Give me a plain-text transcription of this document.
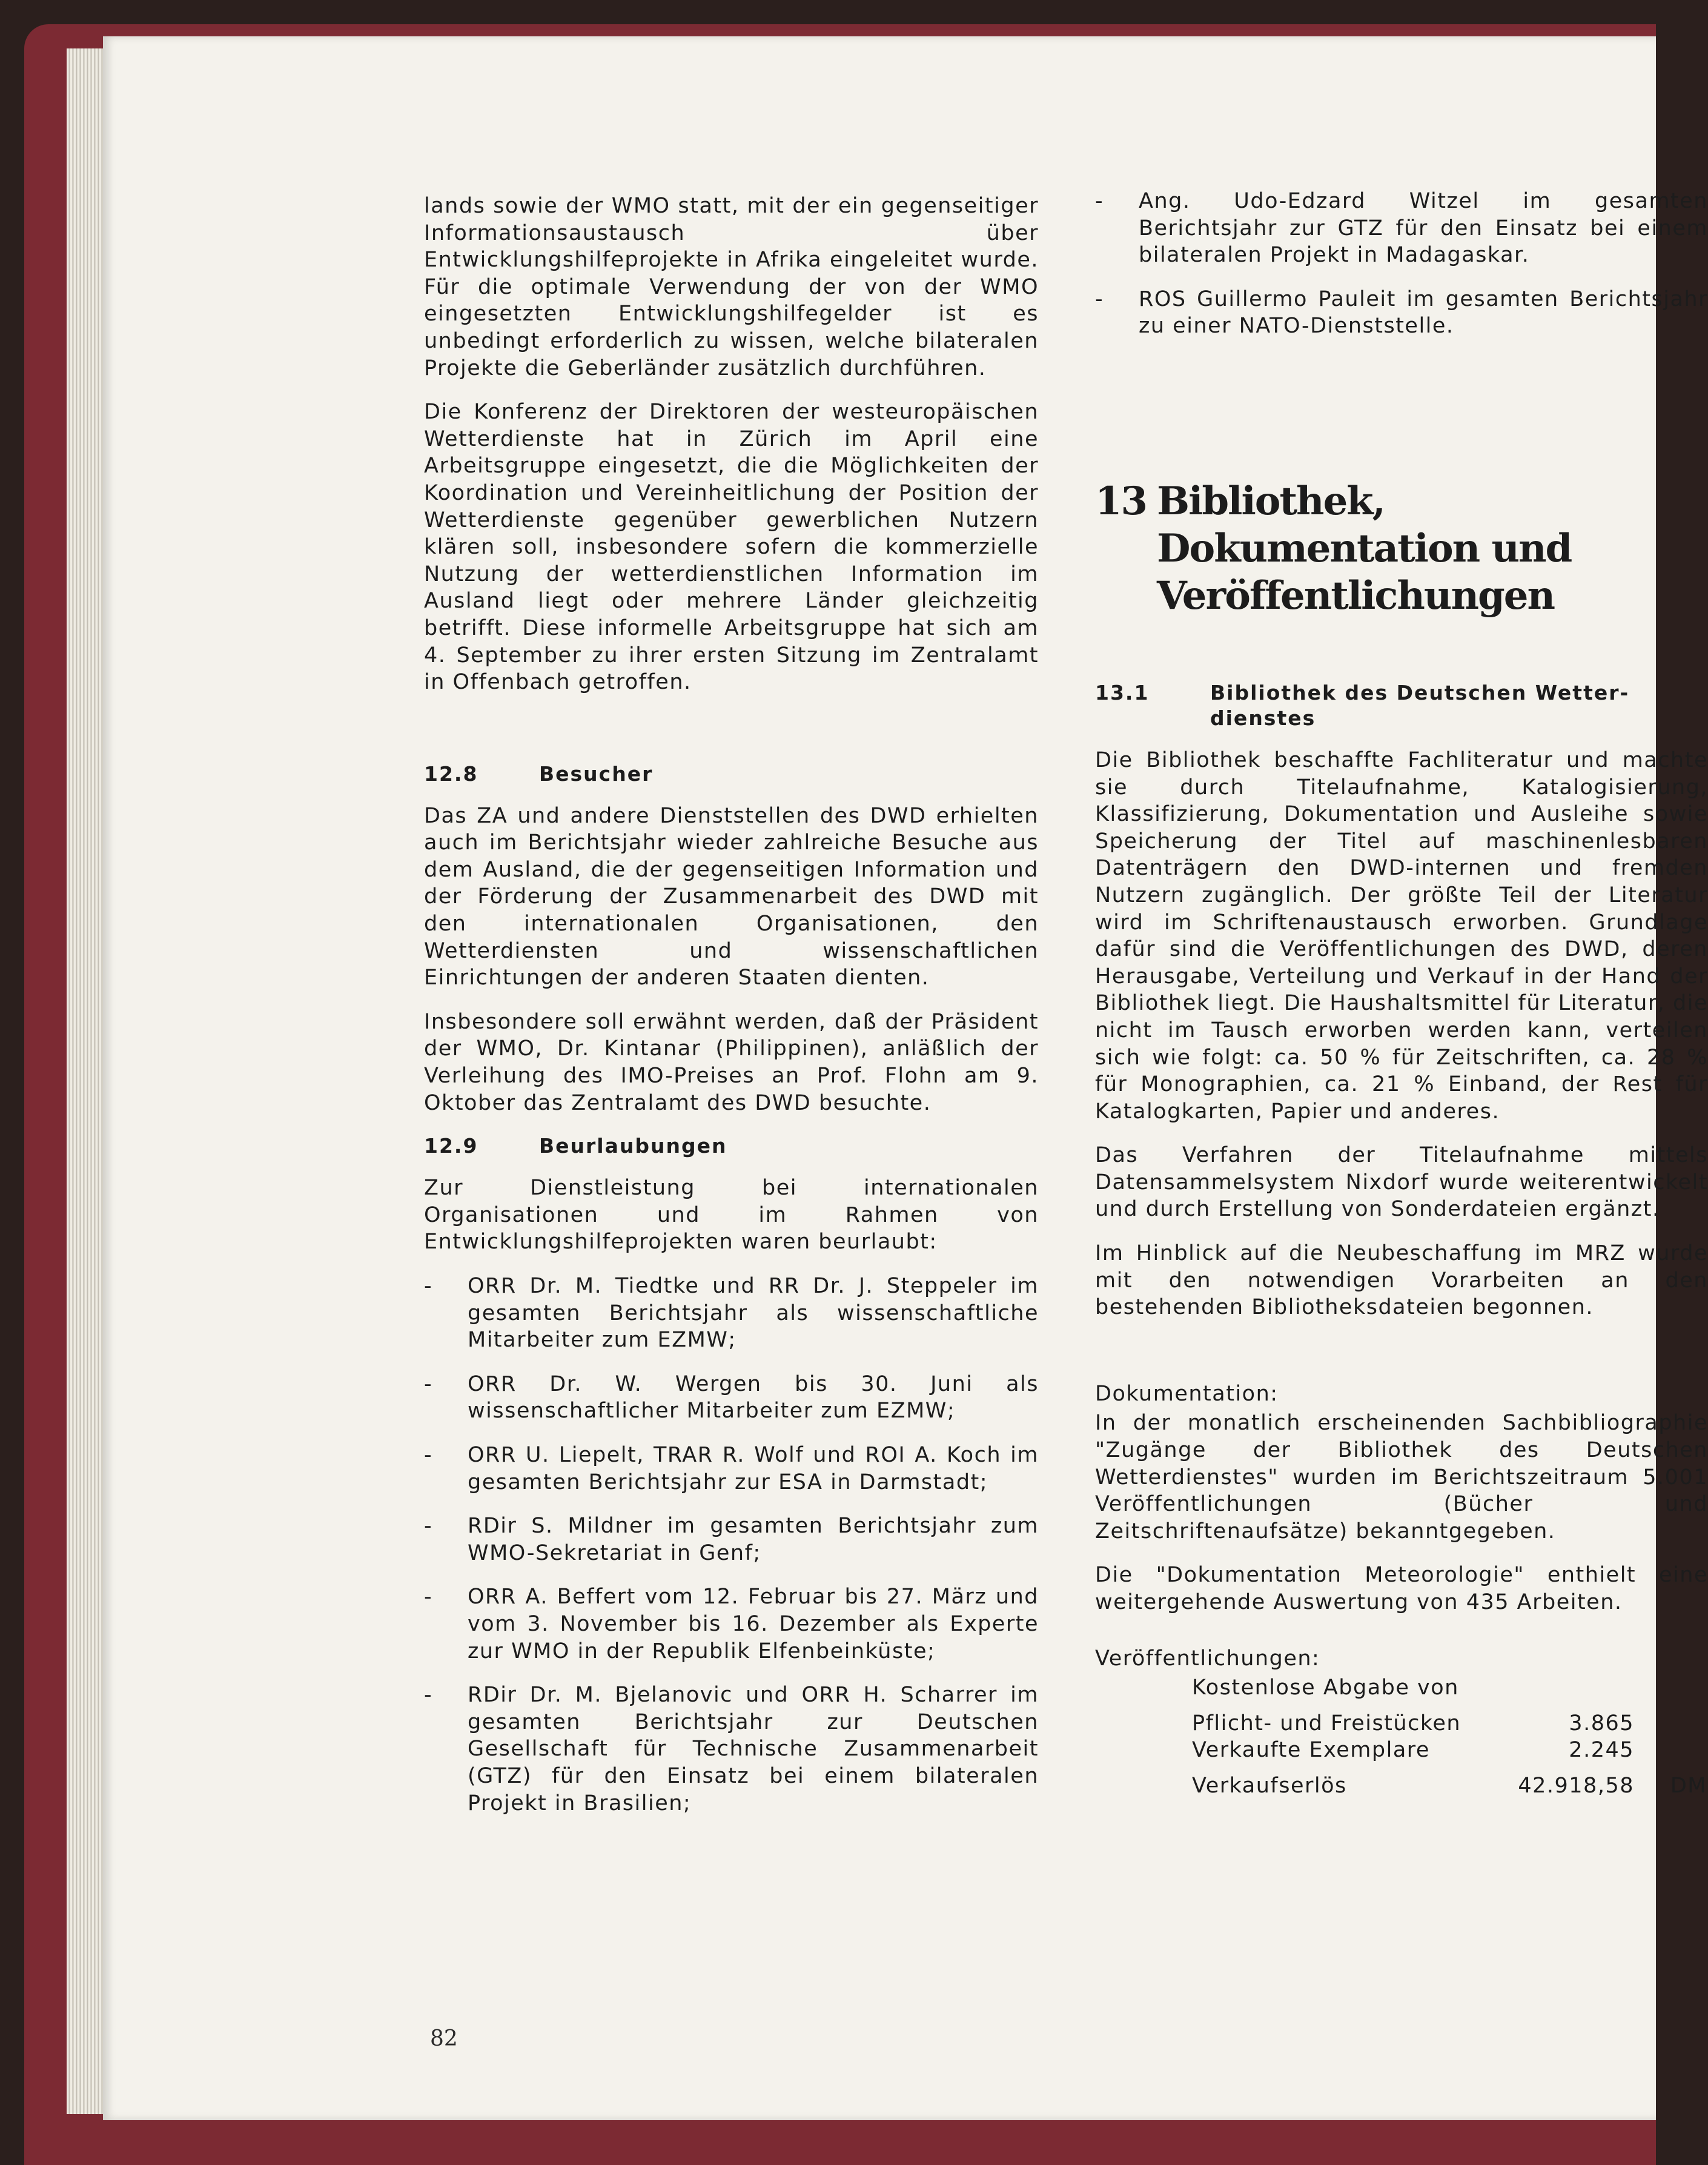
lands sowie der WMO statt, mit der ein gegenseitiger Informationsaustausch über Entwicklungshilfeprojekte in Afrika eingeleitet wurde. Für die optimale Verwendung der von der WMO eingesetzten Entwicklungshilfegelder ist es unbedingt erforderlich zu wissen, welche bilateralen Projekte die Geberländer zusätzlich durchführen.

Die Konferenz der Direktoren der westeuropäischen Wetterdienste hat in Zürich im April eine Arbeitsgruppe eingesetzt, die die Möglichkeiten der Koordination und Vereinheitlichung der Position der Wetterdienste gegenüber gewerblichen Nutzern klären soll, insbesondere sofern die kommerzielle Nutzung der wetterdienstlichen Information im Ausland liegt oder mehrere Länder gleichzeitig betrifft. Diese informelle Arbeitsgruppe hat sich am 4. September zu ihrer ersten Sitzung im Zentralamt in Offenbach getroffen.

12.8	Besucher

Das ZA und andere Dienststellen des DWD erhielten auch im Berichtsjahr wieder zahlreiche Besuche aus dem Ausland, die der gegenseitigen Information und der Förderung der Zusammenarbeit des DWD mit den internationalen Organisationen, den Wetterdiensten und wissenschaftlichen Einrichtungen der anderen Staaten dienten.

Insbesondere soll erwähnt werden, daß der Präsident der WMO, Dr. Kintanar (Philippinen), anläßlich der Verleihung des IMO-Preises an Prof. Flohn am 9. Oktober das Zentralamt des DWD besuchte.

12.9	Beurlaubungen

Zur Dienstleistung bei internationalen Organisationen und im Rahmen von Entwicklungshilfeprojekten waren beurlaubt:

-	ORR Dr. M. Tiedtke und RR Dr. J. Steppeler im gesamten Berichtsjahr als wissenschaftliche Mitarbeiter zum EZMW;

-	ORR Dr. W. Wergen bis 30. Juni als wissenschaftlicher Mitarbeiter zum EZMW;

-	ORR U. Liepelt, TRAR R. Wolf und ROI A. Koch im gesamten Berichtsjahr zur ESA in Darmstadt;

-	RDir S. Mildner im gesamten Berichtsjahr zum WMO-Sekretariat in Genf;

-	ORR A. Beffert vom 12. Februar bis 27. März und vom 3. November bis 16. Dezember als Experte zur WMO in der Republik Elfenbeinküste;

-	RDir Dr. M. Bjelanovic und ORR H. Scharrer im gesamten Berichtsjahr zur Deutschen Gesellschaft für Technische Zusammenarbeit (GTZ) für den Einsatz bei einem bilateralen Projekt in Brasilien;

-	Ang. Udo-Edzard Witzel im gesamten Berichtsjahr zur GTZ für den Einsatz bei einem bilateralen Projekt in Madagaskar.

-	ROS Guillermo Pauleit im gesamten Berichtsjahr zu einer NATO-Dienststelle.

13 Bibliothek, Dokumentation und
Veröffentlichungen
13.1	Bibliothek des Deutschen Wetter-
dienstes

Die Bibliothek beschaffte Fachliteratur und machte sie durch Titelaufnahme, Katalogisierung, Klassifizierung, Dokumentation und Ausleihe sowie Speicherung der Titel auf maschinenlesbaren Datenträgern den DWD-internen und fremden Nutzern zugänglich. Der größte Teil der Literatur wird im Schriftenaustausch erworben. Grundlage dafür sind die Veröffentlichungen des DWD, deren Herausgabe, Verteilung und Verkauf in der Hand der Bibliothek liegt. Die Haushaltsmittel für Literatur, die nicht im Tausch erworben werden kann, verteilen sich wie folgt: ca. 50 % für Zeitschriften, ca. 28 % für Monographien, ca. 21 % Einband, der Rest für Katalogkarten, Papier und anderes.

Das Verfahren der Titelaufnahme mittels Datensammelsystem Nixdorf wurde weiterentwickelt und durch Erstellung von Sonderdateien ergänzt.

Im Hinblick auf die Neubeschaffung im MRZ wurde mit den notwendigen Vorarbeiten an den bestehenden Bibliotheksdateien begonnen.

Dokumentation:

In der monatlich erscheinenden Sachbibliographie "Zugänge der Bibliothek des Deutschen Wetterdienstes" wurden im Berichtszeitraum 5.001 Veröffentlichungen (Bücher und Zeitschriftenaufsätze) bekanntgegeben.

Die "Dokumentation Meteorologie" enthielt eine weitergehende Auswertung von 435 Arbeiten.

Veröffentlichungen:
Kostenlose Abgabe von
Pflicht- und Freistücken	3.865
Verkaufte Exemplare	2.245
Verkaufserlös	42.918,58	DM
82
